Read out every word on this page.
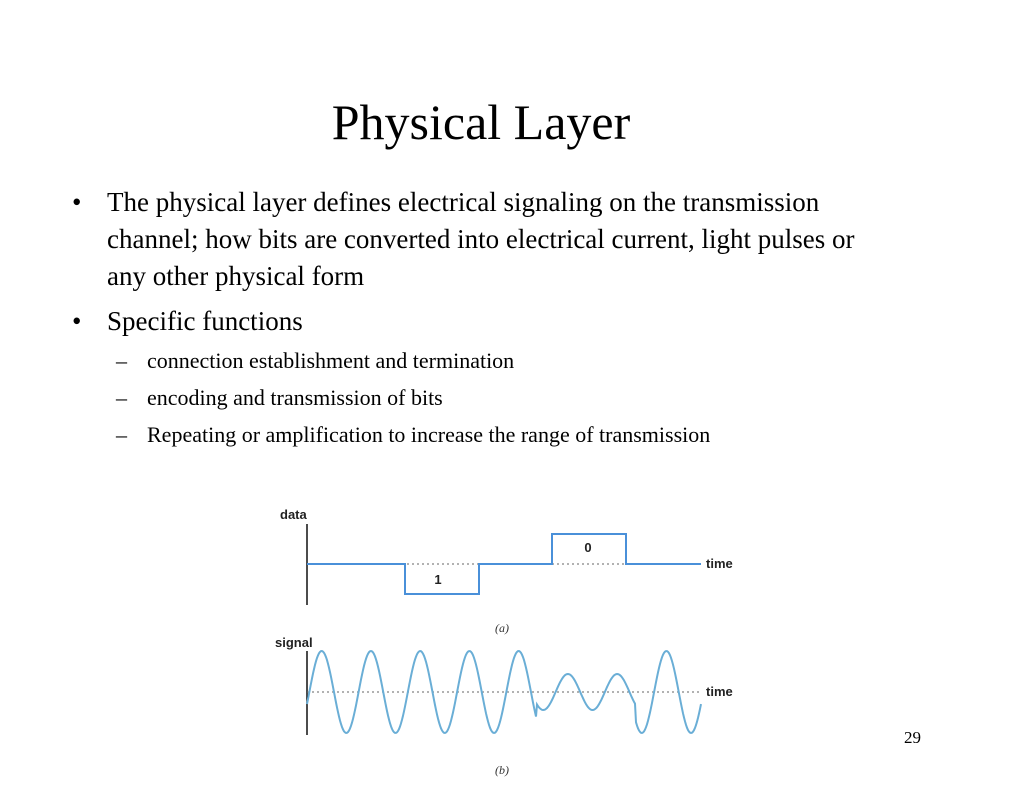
Physical Layer
• The physical layer defines electrical signaling on the transmission channel; how bits are converted into electrical current, light pulses or any other physical form
• Specific functions
– connection establishment and termination
– encoding and transmission of bits
– Repeating or amplification to increase the range of transmission
data
1
0
time
(a)
signal
time
(b)
29
